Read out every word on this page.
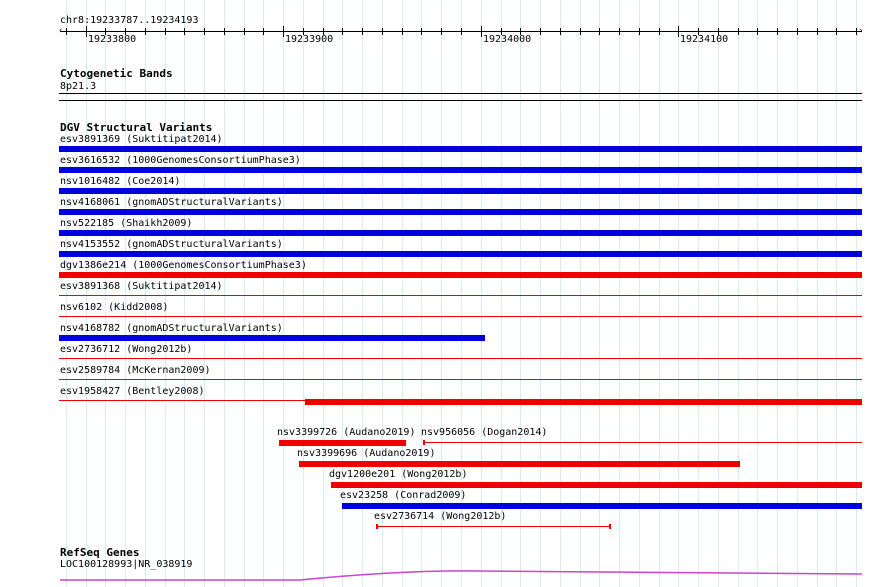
chr8:19233787..19234193
‹	›
19233800	19233900	19234000	19234100
Cytogenetic Bands
8p21.3
DGV Structural Variants
esv3891369 (Suktitipat2014)
esv3616532 (1000GenomesConsortiumPhase3)
nsv1016482 (Coe2014)
nsv4168061 (gnomADStructuralVariants)
nsv522185 (Shaikh2009)
nsv4153552 (gnomADStructuralVariants)
dgv1386e214 (1000GenomesConsortiumPhase3)
esv3891368 (Suktitipat2014)
nsv6102 (Kidd2008)
nsv4168782 (gnomADStructuralVariants)
esv2736712 (Wong2012b)
esv2589784 (McKernan2009)
esv1958427 (Bentley2008)
nsv3399726 (Audano2019) nsv956056 (Dogan2014)
nsv3399696 (Audano2019)
dgv1200e201 (Wong2012b)
esv23258 (Conrad2009)
esv2736714 (Wong2012b)
RefSeq Genes
LOC100128993|NR_038919
